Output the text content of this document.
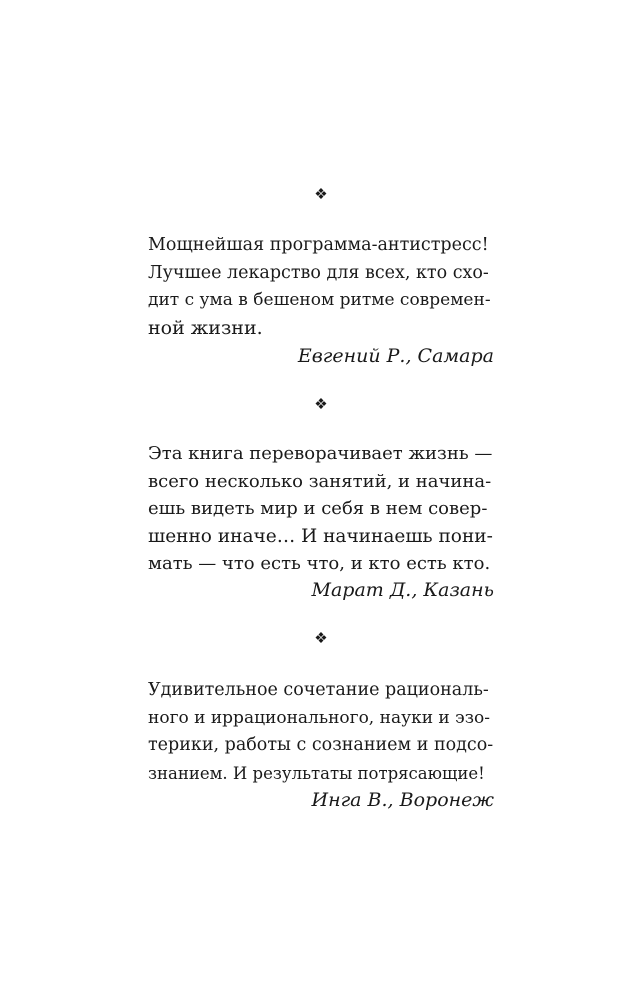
❖
Мощнейшая программа-антистресс!
Лучшее лекарство для всех, кто схо-
дит с ума в бешеном ритме современ-
ной жизни.
Евгений Р., Самара
❖
Эта книга переворачивает жизнь —
всего несколько занятий, и начина-
ешь видеть мир и себя в нем совер-
шенно иначе… И начинаешь пони-
мать — что есть что, и кто есть кто.
Марат Д., Казань
❖
Удивительное сочетание рациональ-
ного и иррационального, науки и эзо-
терики, работы с сознанием и подсо-
знанием. И результаты потрясающие!
Инга В., Воронеж
